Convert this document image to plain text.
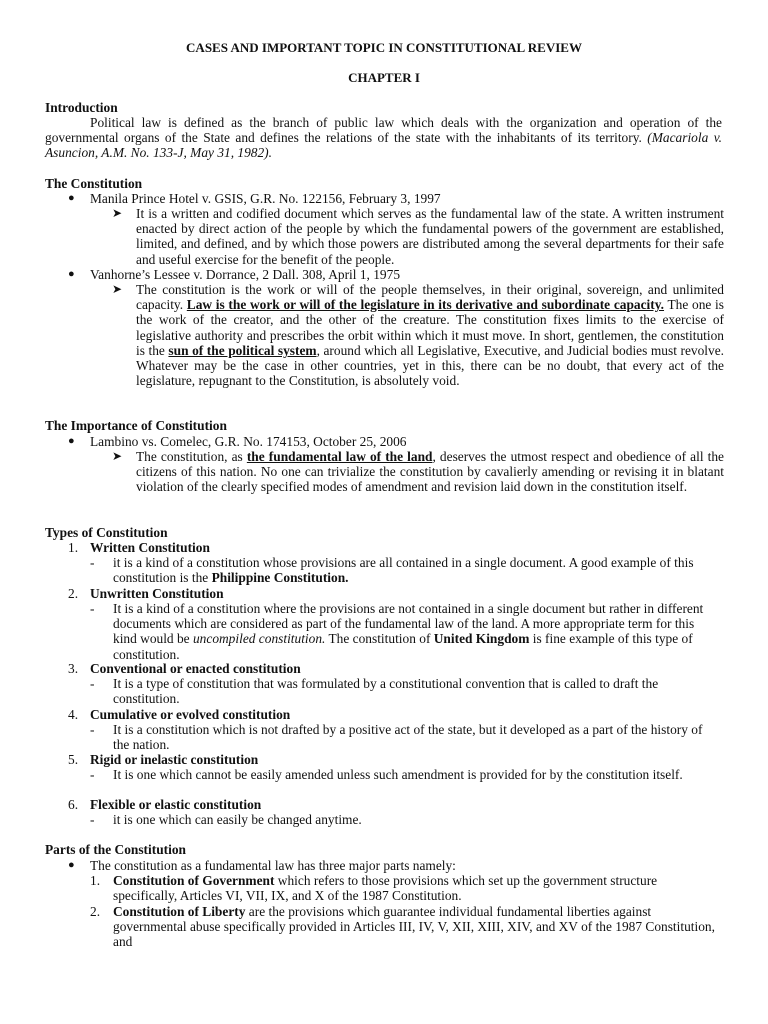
CASES AND IMPORTANT TOPIC IN CONSTITUTIONAL REVIEW
CHAPTER I
Introduction
Political law is defined as the branch of public law which deals with the organization and operation of the governmental organs of the State and defines the relations of the state with the inhabitants of its territory. (Macariola v. Asuncion, A.M. No. 133-J, May 31, 1982).
The Constitution
● Manila Prince Hotel v. GSIS, G.R. No. 122156, February 3, 1997
➤ It is a written and codified document which serves as the fundamental law of the state. A written instrument enacted by direct action of the people by which the fundamental powers of the government are established, limited, and defined, and by which those powers are distributed among the several departments for their safe and useful exercise for the benefit of the people.
● Vanhorne’s Lessee v. Dorrance, 2 Dall. 308, April 1, 1975
➤ The constitution is the work or will of the people themselves, in their original, sovereign, and unlimited capacity. Law is the work or will of the legislature in its derivative and subordinate capacity. The one is the work of the creator, and the other of the creature. The constitution fixes limits to the exercise of legislative authority and prescribes the orbit within which it must move. In short, gentlemen, the constitution is the sun of the political system, around which all Legislative, Executive, and Judicial bodies must revolve. Whatever may be the case in other countries, yet in this, there can be no doubt, that every act of the legislature, repugnant to the Constitution, is absolutely void.
The Importance of Constitution
● Lambino vs. Comelec, G.R. No. 174153, October 25, 2006
➤ The constitution, as the fundamental law of the land, deserves the utmost respect and obedience of all the citizens of this nation. No one can trivialize the constitution by cavalierly amending or revising it in blatant violation of the clearly specified modes of amendment and revision laid down in the constitution itself.
Types of Constitution
1. Written Constitution
- it is a kind of a constitution whose provisions are all contained in a single document. A good example of this constitution is the Philippine Constitution.
2. Unwritten Constitution
- It is a kind of a constitution where the provisions are not contained in a single document but rather in different documents which are considered as part of the fundamental law of the land. A more appropriate term for this kind would be uncompiled constitution. The constitution of United Kingdom is fine example of this type of constitution.
3. Conventional or enacted constitution
- It is a type of constitution that was formulated by a constitutional convention that is called to draft the constitution.
4. Cumulative or evolved constitution
- It is a constitution which is not drafted by a positive act of the state, but it developed as a part of the history of the nation.
5. Rigid or inelastic constitution
- It is one which cannot be easily amended unless such amendment is provided for by the constitution itself.
6. Flexible or elastic constitution
- it is one which can easily be changed anytime.
Parts of the Constitution
● The constitution as a fundamental law has three major parts namely:
1. Constitution of Government which refers to those provisions which set up the government structure specifically, Articles VI, VII, IX, and X of the 1987 Constitution.
2. Constitution of Liberty are the provisions which guarantee individual fundamental liberties against governmental abuse specifically provided in Articles III, IV, V, XII, XIII, XIV, and XV of the 1987 Constitution, and
